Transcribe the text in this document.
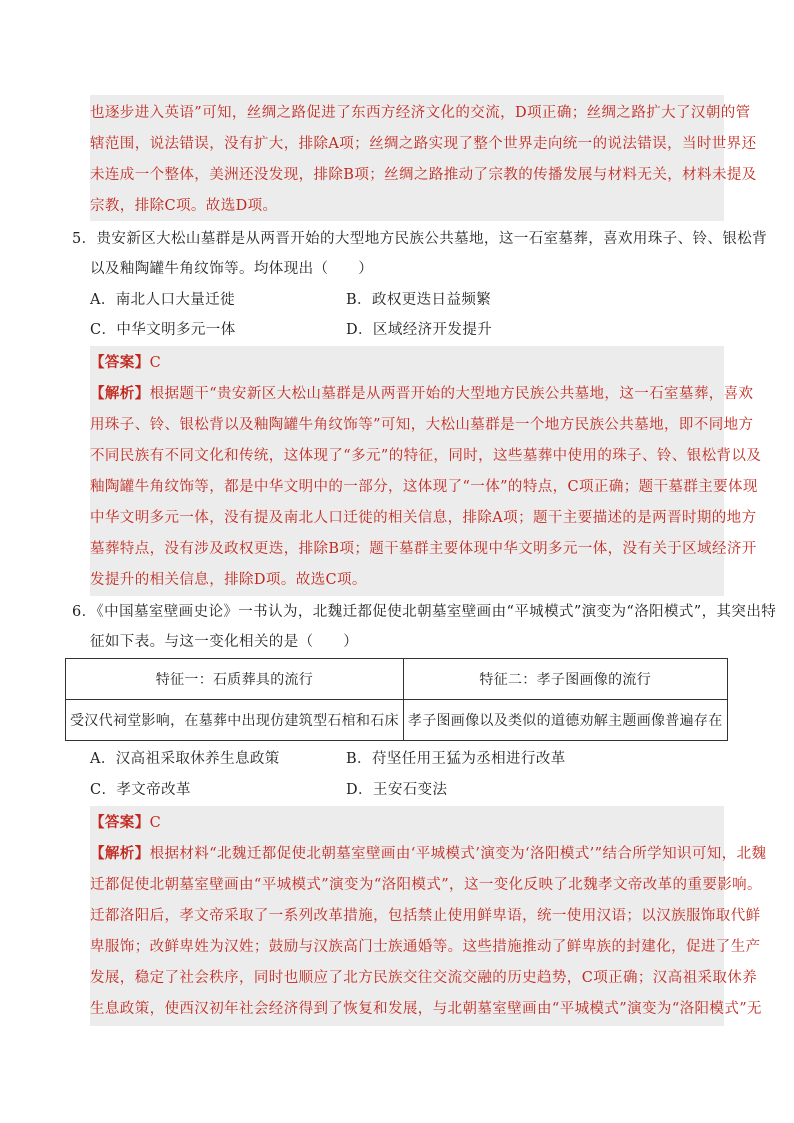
也逐步进入英语”可知，丝绸之路促进了东西方经济文化的交流，D项正确；丝绸之路扩大了汉朝的管
辖范围，说法错误，没有扩大，排除A项；丝绸之路实现了整个世界走向统一的说法错误，当时世界还
未连成一个整体，美洲还没发现，排除B项；丝绸之路推动了宗教的传播发展与材料无关，材料未提及
宗教，排除C项。故选D项。
5．贵安新区大松山墓群是从两晋开始的大型地方民族公共墓地，这一石室墓葬，喜欢用珠子、铃、银松背
以及釉陶罐牛角纹饰等。均体现出（　　）
A．南北人口大量迁徙	B．政权更迭日益频繁
C．中华文明多元一体	D．区域经济开发提升
【答案】C
【解析】根据题干“贵安新区大松山墓群是从两晋开始的大型地方民族公共墓地，这一石室墓葬，喜欢
用珠子、铃、银松背以及釉陶罐牛角纹饰等”可知，大松山墓群是一个地方民族公共墓地，即不同地方
不同民族有不同文化和传统，这体现了“多元”的特征，同时，这些墓葬中使用的珠子、铃、银松背以及
釉陶罐牛角纹饰等，都是中华文明中的一部分，这体现了“一体”的特点，C项正确；题干墓群主要体现
中华文明多元一体，没有提及南北人口迁徙的相关信息，排除A项；题干主要描述的是两晋时期的地方
墓葬特点，没有涉及政权更迭，排除B项；题干墓群主要体现中华文明多元一体，没有关于区域经济开
发提升的相关信息，排除D项。故选C项。
6．《中国墓室壁画史论》一书认为，北魏迁都促使北朝墓室壁画由“平城模式”演变为“洛阳模式”，其突出特
征如下表。与这一变化相关的是（　　）
特征一：石质葬具的流行	特征二：孝子图画像的流行
受汉代祠堂影响，在墓葬中出现仿建筑型石棺和石床	孝子图画像以及类似的道德劝解主题画像普遍存在
A．汉高祖采取休养生息政策	B．苻坚任用王猛为丞相进行改革
C．孝文帝改革	D．王安石变法
【答案】C
【解析】根据材料“北魏迁都促使北朝墓室壁画由‘平城模式’演变为‘洛阳模式’”结合所学知识可知，北魏
迁都促使北朝墓室壁画由“平城模式”演变为“洛阳模式”，这一变化反映了北魏孝文帝改革的重要影响。
迁都洛阳后，孝文帝采取了一系列改革措施，包括禁止使用鲜卑语，统一使用汉语；以汉族服饰取代鲜
卑服饰；改鲜卑姓为汉姓；鼓励与汉族高门士族通婚等。这些措施推动了鲜卑族的封建化，促进了生产
发展，稳定了社会秩序，同时也顺应了北方民族交往交流交融的历史趋势，C项正确；汉高祖采取休养
生息政策，使西汉初年社会经济得到了恢复和发展，与北朝墓室壁画由“平城模式”演变为“洛阳模式”无
